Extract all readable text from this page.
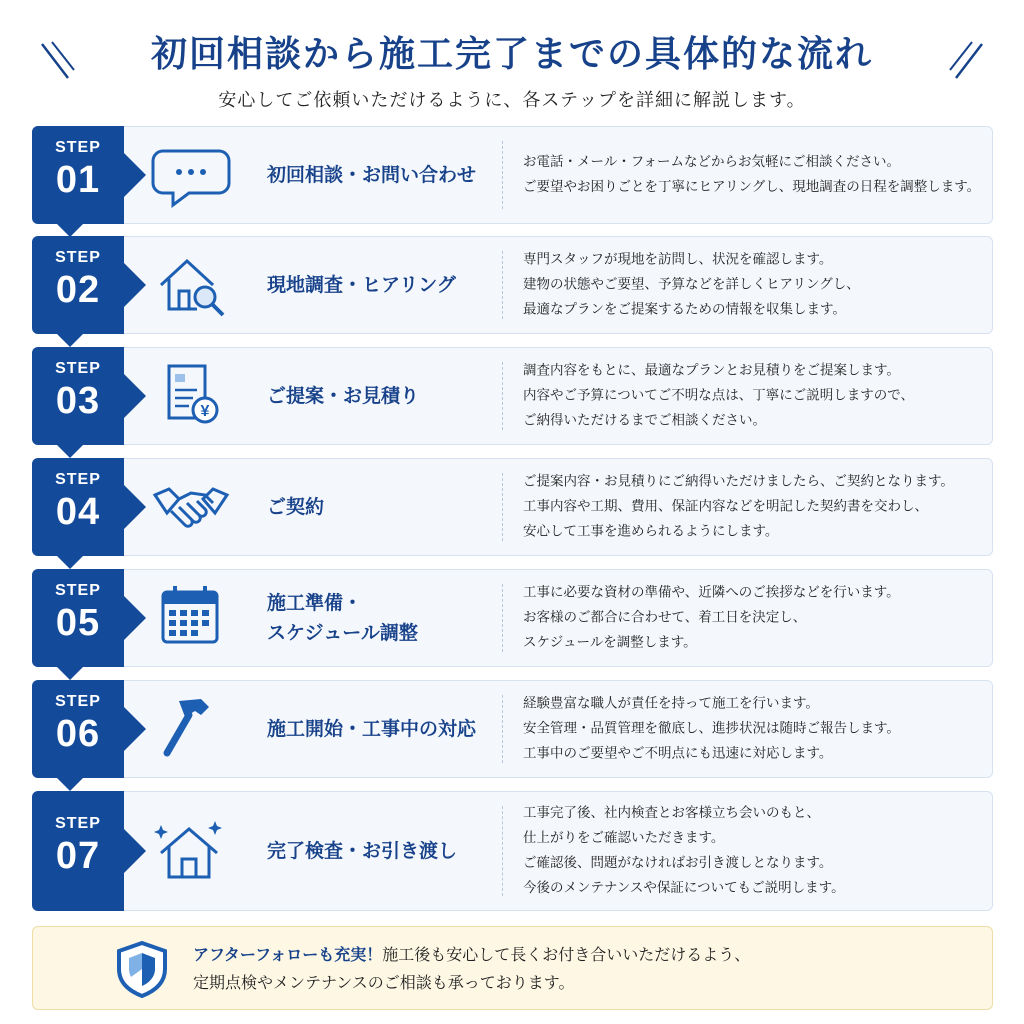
初回相談から施工完了までの具体的な流れ
安心してご依頼いただけるように、各ステップを詳細に解説します。
STEP
01	初回相談・お問い合わせ

お電話・メール・フォームなどからお気軽にご相談ください。

ご要望やお困りごとを丁寧にヒアリングし、現地調査の日程を調整します。

STEP
02	現地調査・ヒアリング

専門スタッフが現地を訪問し、状況を確認します。

建物の状態やご要望、予算などを詳しくヒアリングし、

最適なプランをご提案するための情報を収集します。

STEP
03	¥
ご提案・お見積り

調査内容をもとに、最適なプランとお見積りをご提案します。

内容やご予算についてご不明な点は、丁寧にご説明しますので、

ご納得いただけるまでご相談ください。

STEP
04	ご契約

ご提案内容・お見積りにご納得いただけましたら、ご契約となります。

工事内容や工期、費用、保証内容などを明記した契約書を交わし、

安心して工事を進められるようにします。

STEP
05	施工準備・
スケジュール調整

工事に必要な資材の準備や、近隣へのご挨拶などを行います。

お客様のご都合に合わせて、着工日を決定し、

スケジュールを調整します。

STEP
06	施工開始・工事中の対応

経験豊富な職人が責任を持って施工を行います。

安全管理・品質管理を徹底し、進捗状況は随時ご報告します。

工事中のご要望やご不明点にも迅速に対応します。

STEP
07	完了検査・お引き渡し

工事完了後、社内検査とお客様立ち会いのもと、

仕上がりをご確認いただきます。

ご確認後、問題がなければお引き渡しとなります。

今後のメンテナンスや保証についてもご説明します。

アフターフォローも充実！施工後も安心して長くお付き合いいただけるよう、
定期点検やメンテナンスのご相談も承っております。
